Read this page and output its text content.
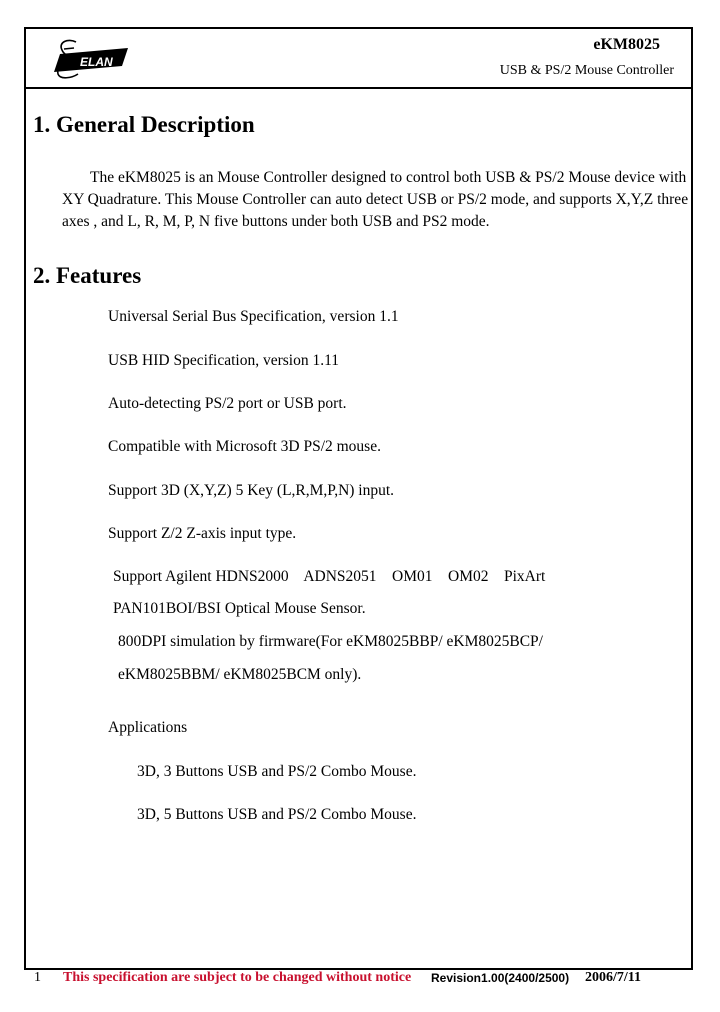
ELAN
eKM8025
USB & PS/2 Mouse Controller
1. General Description
The eKM8025 is an Mouse Controller designed to control both USB & PS/2 Mouse device with XY Quadrature. This Mouse Controller can auto detect USB or PS/2 mode, and supports X,Y,Z three axes , and L, R, M, P, N five buttons under both USB and PS2 mode.
2. Features
Universal Serial Bus Specification, version 1.1
USB HID Specification, version 1.11
Auto-detecting PS/2 port or USB port.
Compatible with Microsoft 3D PS/2 mouse.
Support 3D (X,Y,Z) 5 Key (L,R,M,P,N) input.
Support Z/2 Z-axis input type.
Support Agilent HDNS2000    ADNS2051    OM01    OM02    PixArt
PAN101BOI/BSI Optical Mouse Sensor.
800DPI simulation by firmware(For eKM8025BBP/ eKM8025BCP/
eKM8025BBM/ eKM8025BCM only).
Applications
3D, 3 Buttons USB and PS/2 Combo Mouse.
3D, 5 Buttons USB and PS/2 Combo Mouse.
1 This specification are subject to be changed without notice Revision1.00(2400/2500) 2006/7/11
